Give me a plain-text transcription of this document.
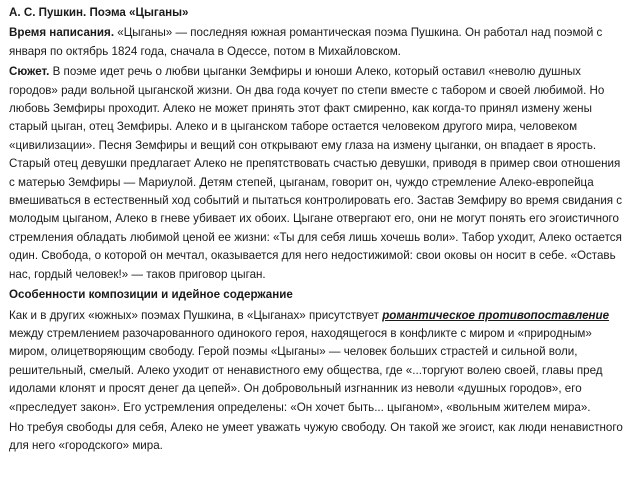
А. С. Пушкин. Поэма «Цыганы»

Время написания. «Цыганы» — последняя южная романтическая поэма Пушкина. Он работал над поэмой с января по октябрь 1824 года, сначала в Одессе, потом в Михайловском.

Сюжет. В поэме идет речь о любви цыганки Земфиры и юноши Алеко, который оставил «неволю душных городов» ради вольной цыганской жизни. Он два года кочует по степи вместе с табором и своей любимой. Но любовь Земфиры проходит. Алеко не может принять этот факт смиренно, как когда-то принял измену жены старый цыган, отец Земфиры. Алеко и в цыганском таборе остается человеком другого мира, человеком «цивилизации». Песня Земфиры и вещий сон открывают ему глаза на измену цыганки, он впадает в ярость. Старый отец девушки предлагает Алеко не препятствовать счастью девушки, приводя в пример свои отношения с матерью Земфиры — Мариулой. Детям степей, цыганам, говорит он, чуждо стремление Алеко-европейца вмешиваться в естественный ход событий и пытаться контролировать его. Застав Земфиру во время свидания с молодым цыганом, Алеко в гневе убивает их обоих. Цыгане отвергают его, они не могут понять его эгоистичного стремления обладать любимой ценой ее жизни: «Ты для себя лишь хочешь воли». Табор уходит, Алеко остается один. Свобода, о которой он мечтал, оказывается для него недостижимой: свои оковы он носит в себе. «Оставь нас, гордый человек!» — таков приговор цыган.

Особенности композиции и идейное содержание

Как и в других «южных» поэмах Пушкина, в «Цыганах» присутствует романтическое противопоставление между стремлением разочарованного одинокого героя, находящегося в конфликте с миром и «природным» миром, олицетворяющим свободу. Герой поэмы «Цыганы» — человек больших страстей и сильной воли, решительный, смелый. Алеко уходит от ненавистного ему общества, где «...торгуют волею своей, главы пред идолами клонят и просят денег да цепей». Он добровольный изгнанник из неволи «душных городов», его «преследует закон». Его устремления определены: «Он хочет быть... цыганом», «вольным жителем мира».

Но требуя свободы для себя, Алеко не умеет уважать чужую свободу. Он такой же эгоист, как люди ненавистного для него «городского» мира.
